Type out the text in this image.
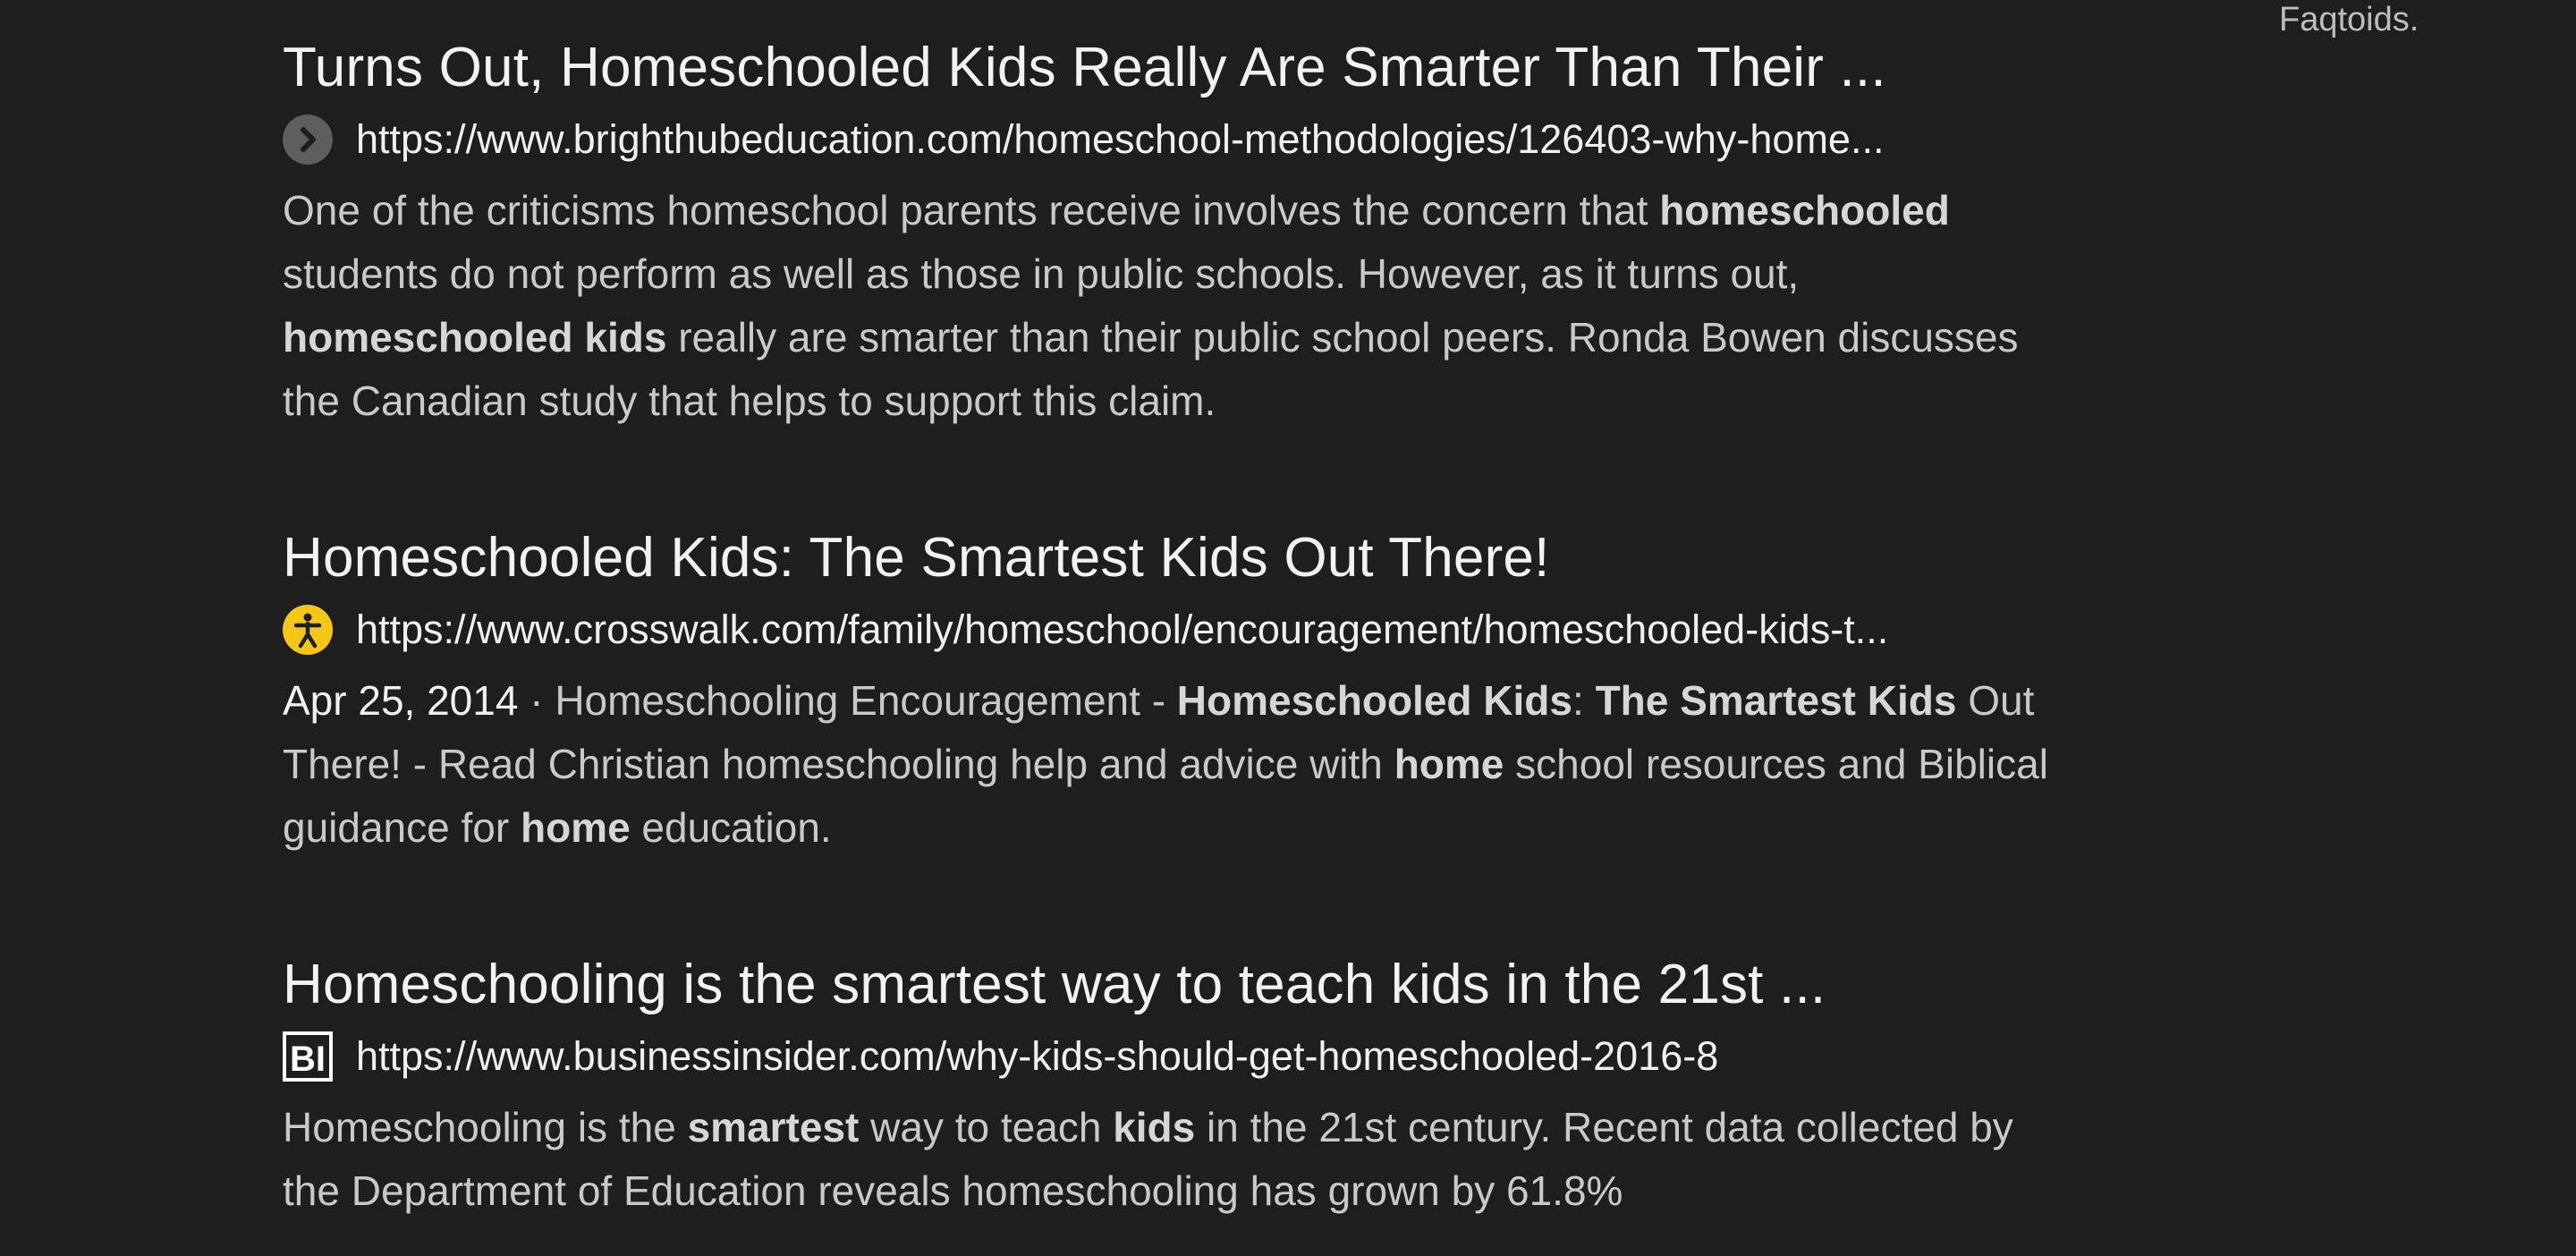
Faqtoids.
Turns Out, Homeschooled Kids Really Are Smarter Than Their ...
https://www.brighthubeducation.com/homeschool-methodologies/126403-why-home...
One of the criticisms homeschool parents receive involves the concern that homeschooled students do not perform as well as those in public schools. However, as it turns out, homeschooled kids really are smarter than their public school peers. Ronda Bowen discusses the Canadian study that helps to support this claim.
Homeschooled Kids: The Smartest Kids Out There!
https://www.crosswalk.com/family/homeschool/encouragement/homeschooled-kids-t...
Apr 25, 2014 · Homeschooling Encouragement - Homeschooled Kids: The Smartest Kids Out There! - Read Christian homeschooling help and advice with home school resources and Biblical guidance for home education.
Homeschooling is the smartest way to teach kids in the 21st ...
BI https://www.businessinsider.com/why-kids-should-get-homeschooled-2016-8
Homeschooling is the smartest way to teach kids in the 21st century. Recent data collected by the Department of Education reveals homeschooling has grown by 61.8%
